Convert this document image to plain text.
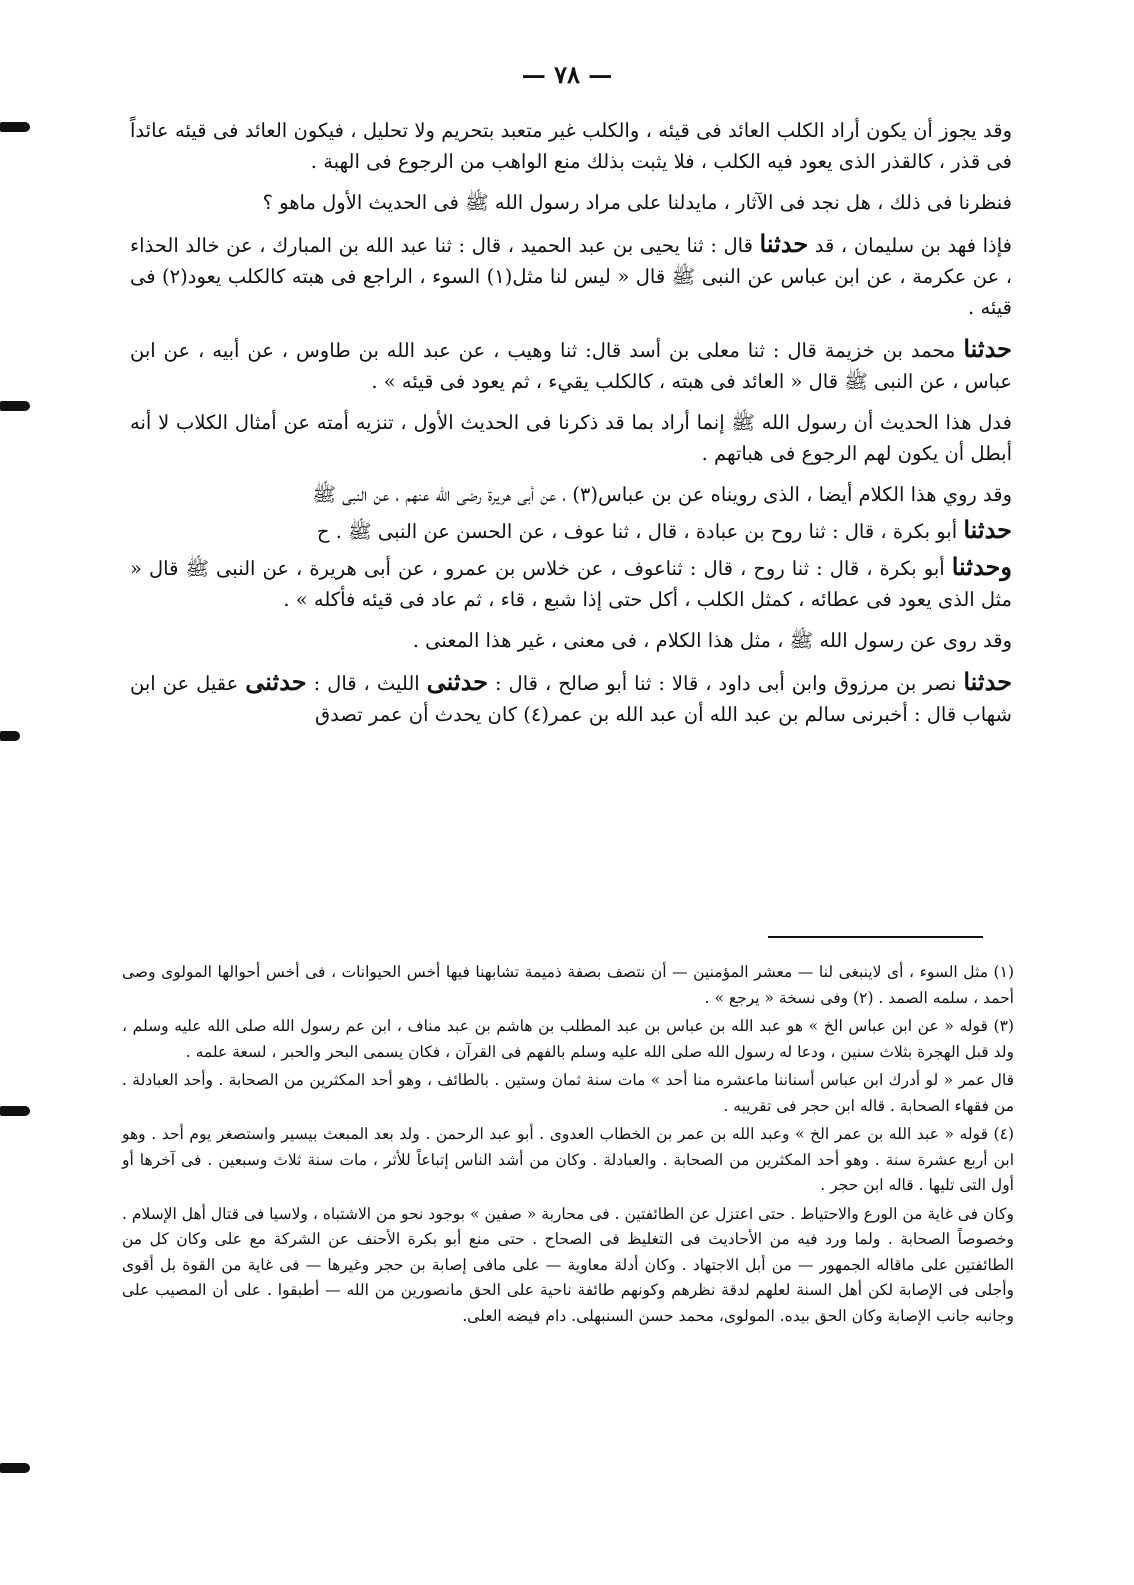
— ٧٨ —

وقد يجوز أن يكون أراد الكلب العائد فى قيئه ، والكلب غير متعبد بتحريم ولا تحليل ، فيكون العائد فى قيئه عائداً فى قذر ، كالقذر الذى يعود فيه الكلب ، فلا يثبت بذلك منع الواهب من الرجوع فى الهبة .

فنظرنا فى ذلك ، هل نجد فى الآثار ، مايدلنا على مراد رسول الله ﷺ فى الحديث الأول ماهو ؟

فإذا فهد بن سليمان ، قد حدثنا قال : ثنا يحيى بن عبد الحميد ، قال : ثنا عبد الله بن المبارك ، عن خالد الحذاء ، عن عكرمة ، عن ابن عباس عن النبى ﷺ قال « ليس لنا مثل(١) السوء ، الراجع فى هبته كالكلب يعود(٢) فى قيئه .

حدثنا محمد بن خزيمة قال : ثنا معلى بن أسد قال: ثنا وهيب ، عن عبد الله بن طاوس ، عن أبيه ، عن ابن عباس ، عن النبى ﷺ قال « العائد فى هبته ، كالكلب يقيء ، ثم يعود فى قيئه » .

فدل هذا الحديث أن رسول الله ﷺ إنما أراد بما قد ذكرنا فى الحديث الأول ، تنزيه أمته عن أمثال الكلاب لا أنه أبطل أن يكون لهم الرجوع فى هباتهم .

وقد روي هذا الكلام أيضا ، الذى رويناه عن بن عباس(٣) ، عن أبى هريرة رضى الله عنهم ، عن النبى ﷺ

حدثنا أبو بكرة ، قال : ثنا روح بن عبادة ، قال ، ثنا عوف ، عن الحسن عن النبى ﷺ . ح

وحدثنا أبو بكرة ، قال : ثنا روح ، قال : ثناعوف ، عن خلاس بن عمرو ، عن أبى هريرة ، عن النبى ﷺ قال « مثل الذى يعود فى عطائه ، كمثل الكلب ، أكل حتى إذا شبع ، قاء ، ثم عاد فى قيئه فأكله » .

وقد روى عن رسول الله ﷺ ، مثل هذا الكلام ، فى معنى ، غير هذا المعنى .

حدثنا نصر بن مرزوق وابن أبى داود ، قالا : ثنا أبو صالح ، قال : حدثنى الليث ، قال : حدثنى عقيل عن ابن شهاب قال : أخبرنى سالم بن عبد الله أن عبد الله بن عمر(٤) كان يحدث أن عمر تصدق

(١) مثل السوء ، أى لاينبغى لنا — معشر المؤمنين — أن نتصف بصفة ذميمة تشابهنا فيها أخس الحيوانات ، فى أخس أحوالها المولوى وصى أحمد ، سلمه الصمد . (٢) وفى نسخة « يرجع » .

(٣) قوله « عن ابن عباس الخ » هو عبد الله بن عباس بن عبد المطلب بن هاشم بن عبد مناف ، ابن عم رسول الله صلى الله عليه وسلم ، ولد قبل الهجرة بثلاث سنين ، ودعا له رسول الله صلى الله عليه وسلم بالفهم فى القرآن ، فكان يسمى البحر والحبر ، لسعة علمه .

قال عمر « لو أدرك ابن عباس أسناننا ماعشره منا أحد » مات سنة ثمان وستين . بالطائف ، وهو أحد المكثرين من الصحابة . وأحد العبادلة . من فقهاء الصحابة . قاله ابن حجر فى تقريبه .

(٤) قوله « عبد الله بن عمر الخ » وعبد الله بن عمر بن الخطاب العدوى . أبو عبد الرحمن . ولد بعد المبعث بيسير واستصغر يوم أحد . وهو ابن أربع عشرة سنة . وهو أحد المكثرين من الصحابة . والعبادلة . وكان من أشد الناس إتباعاً للأثر ، مات سنة ثلاث وسبعين . فى آخرها أو أول التى تليها . قاله ابن حجر .

وكان فى غاية من الورع والاحتياط . حتى اعتزل عن الطائفتين . فى محاربة « صفين » بوجود نحو من الاشتباه ، ولاسيا فى قتال أهل الإسلام . وخصوصاً الصحابة . ولما ورد فيه من الأحاديث فى التغليظ فى الصحاح . حتى منع أبو بكرة الأحنف عن الشركة مع على وكان كل من الطائفتين على ماقاله الجمهور — من أبل الاجتهاد . وكان أدلة معاوية — على مافى إصابة بن حجر وغيرها — فى غاية من القوة بل أقوى وأجلى فى الإصابة لكن أهل السنة لعلهم لدقة نظرهم وكونهم طائفة ناحية على الحق مانصورين من الله — أطبقوا . على أن المصيب على وجانبه جانب الإصابة وكان الحق بيده. المولوى، محمد حسن السنبهلى. دام فيضه العلى.
